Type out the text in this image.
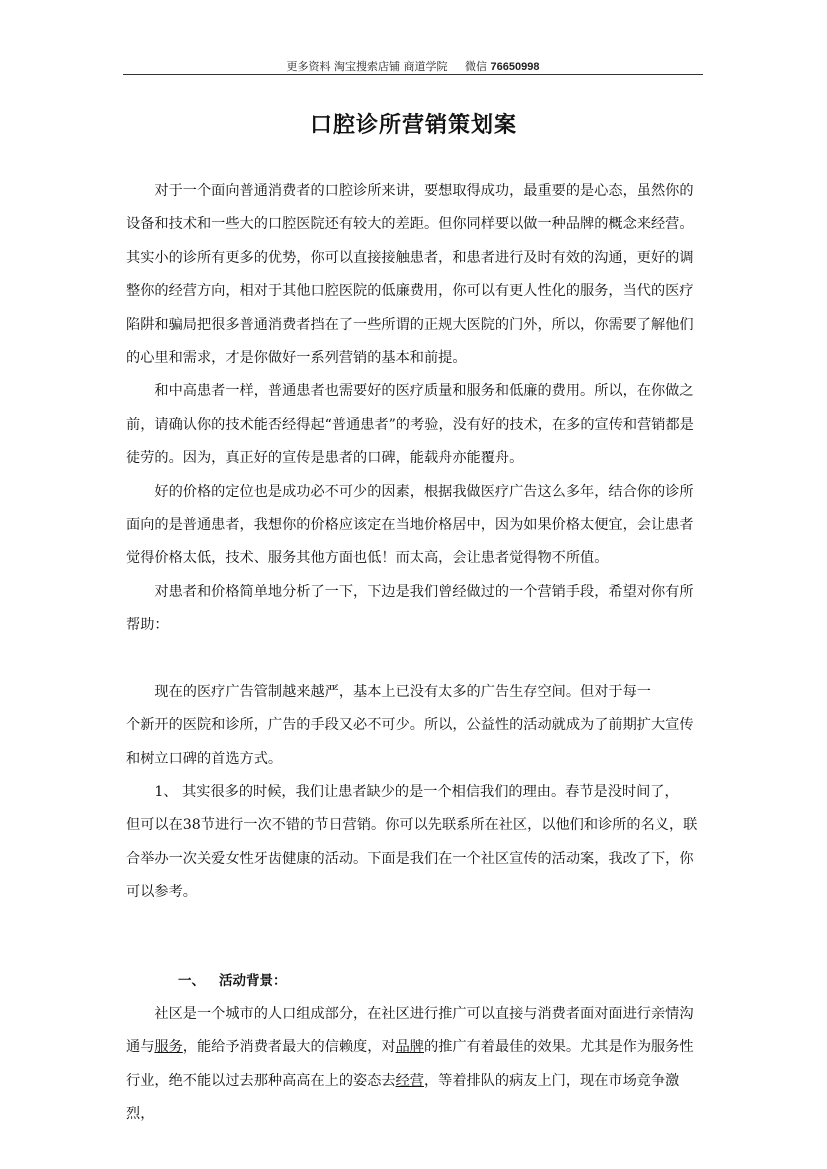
更多资料 淘宝搜索店铺 商道学院 微信 76650998
口腔诊所营销策划案

对于一个面向普通消费者的口腔诊所来讲，要想取得成功，最重要的是心态，虽然你的设备和技术和一些大的口腔医院还有较大的差距。但你同样要以做一种品牌的概念来经营。其实小的诊所有更多的优势，你可以直接接触患者，和患者进行及时有效的沟通，更好的调整你的经营方向，相对于其他口腔医院的低廉费用，你可以有更人性化的服务，当代的医疗陷阱和骗局把很多普通消费者挡在了一些所谓的正规大医院的门外，所以，你需要了解他们的心里和需求，才是你做好一系列营销的基本和前提。

和中高患者一样，普通患者也需要好的医疗质量和服务和低廉的费用。所以，在你做之前，请确认你的技术能否经得起“普通患者”的考验，没有好的技术，在多的宣传和营销都是徒劳的。因为，真正好的宣传是患者的口碑，能载舟亦能覆舟。

好的价格的定位也是成功必不可少的因素，根据我做医疗广告这么多年，结合你的诊所面向的是普通患者，我想你的价格应该定在当地价格居中，因为如果价格太便宜，会让患者觉得价格太低，技术、服务其他方面也低！而太高，会让患者觉得物不所值。

对患者和价格简单地分析了一下，下边是我们曾经做过的一个营销手段，希望对你有所帮助：

现在的医疗广告管制越来越严，基本上已没有太多的广告生存空间。但对于每一

个新开的医院和诊所，广告的手段又必不可少。所以，公益性的活动就成为了前期扩大宣传和树立口碑的首选方式。

1、 其实很多的时候，我们让患者缺少的是一个相信我们的理由。春节是没时间了，

但可以在38节进行一次不错的节日营销。你可以先联系所在社区，以他们和诊所的名义，联合举办一次关爱女性牙齿健康的活动。下面是我们在一个社区宣传的活动案，我改了下，你可以参考。

一、 活动背景：

社区是一个城市的人口组成部分，在社区进行推广可以直接与消费者面对面进行亲情沟通与服务，能给予消费者最大的信赖度，对品牌的推广有着最佳的效果。尤其是作为服务性行业，绝不能以过去那种高高在上的姿态去经营，等着排队的病友上门，现在市场竞争激烈，
